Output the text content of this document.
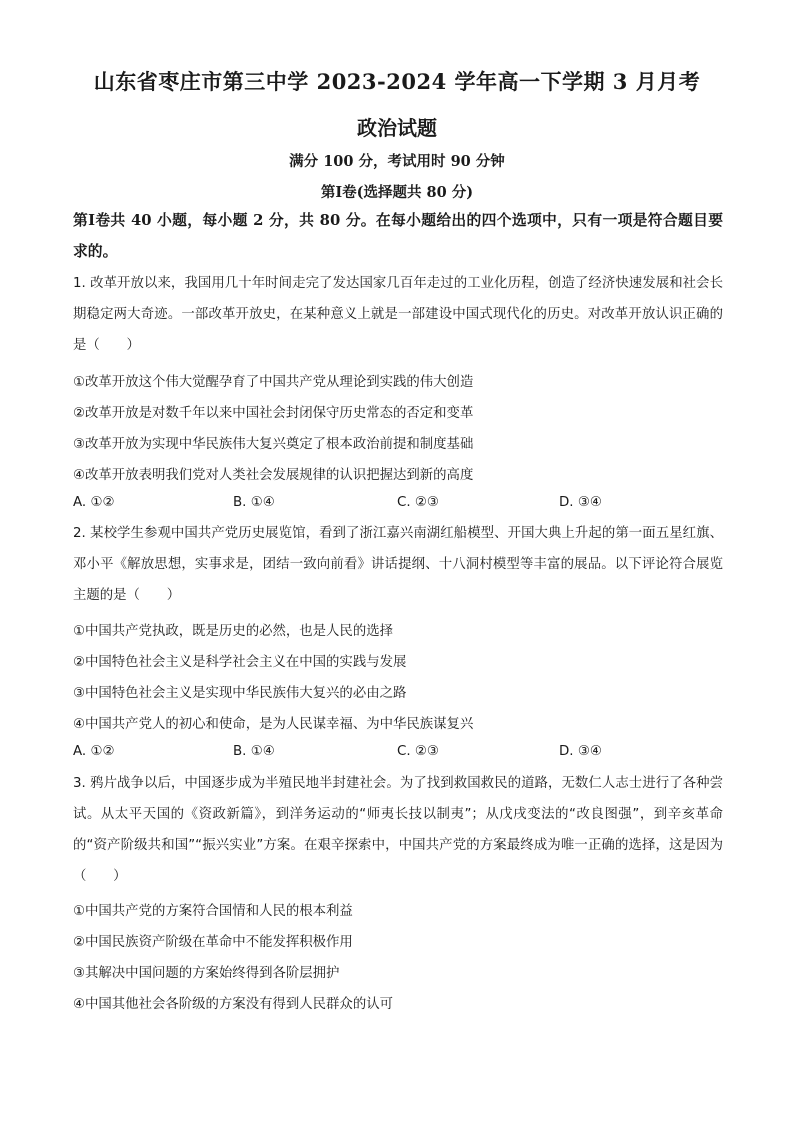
山东省枣庄市第三中学 2023-2024 学年高一下学期 3 月月考
政治试题
满分 100 分，考试用时 90 分钟
第Ⅰ卷(选择题共 80 分)
第Ⅰ卷共 40 小题，每小题 2 分，共 80 分。在每小题给出的四个选项中，只有一项是符合题目要求的。
1. 改革开放以来，我国用几十年时间走完了发达国家几百年走过的工业化历程，创造了经济快速发展和社会长期稳定两大奇迹。一部改革开放史，在某种意义上就是一部建设中国式现代化的历史。对改革开放认识正确的是（　　）
①改革开放这个伟大觉醒孕育了中国共产党从理论到实践的伟大创造
②改革开放是对数千年以来中国社会封闭保守历史常态的否定和变革
③改革开放为实现中华民族伟大复兴奠定了根本政治前提和制度基础
④改革开放表明我们党对人类社会发展规律的认识把握达到新的高度
A. ①②	B. ①④	C. ②③	D. ③④
2. 某校学生参观中国共产党历史展览馆，看到了浙江嘉兴南湖红船模型、开国大典上升起的第一面五星红旗、邓小平《解放思想，实事求是，团结一致向前看》讲话提纲、十八洞村模型等丰富的展品。以下评论符合展览主题的是（　　）
①中国共产党执政，既是历史的必然，也是人民的选择
②中国特色社会主义是科学社会主义在中国的实践与发展
③中国特色社会主义是实现中华民族伟大复兴的必由之路
④中国共产党人的初心和使命，是为人民谋幸福、为中华民族谋复兴
A. ①②	B. ①④	C. ②③	D. ③④
3. 鸦片战争以后，中国逐步成为半殖民地半封建社会。为了找到救国救民的道路，无数仁人志士进行了各种尝试。从太平天国的《资政新篇》，到洋务运动的“师夷长技以制夷”；从戊戌变法的“改良图强”，到辛亥革命的“资产阶级共和国”“振兴实业”方案。在艰辛探索中，中国共产党的方案最终成为唯一正确的选择，这是因为（　　）
①中国共产党的方案符合国情和人民的根本利益
②中国民族资产阶级在革命中不能发挥积极作用
③其解决中国问题的方案始终得到各阶层拥护
④中国其他社会各阶级的方案没有得到人民群众的认可
